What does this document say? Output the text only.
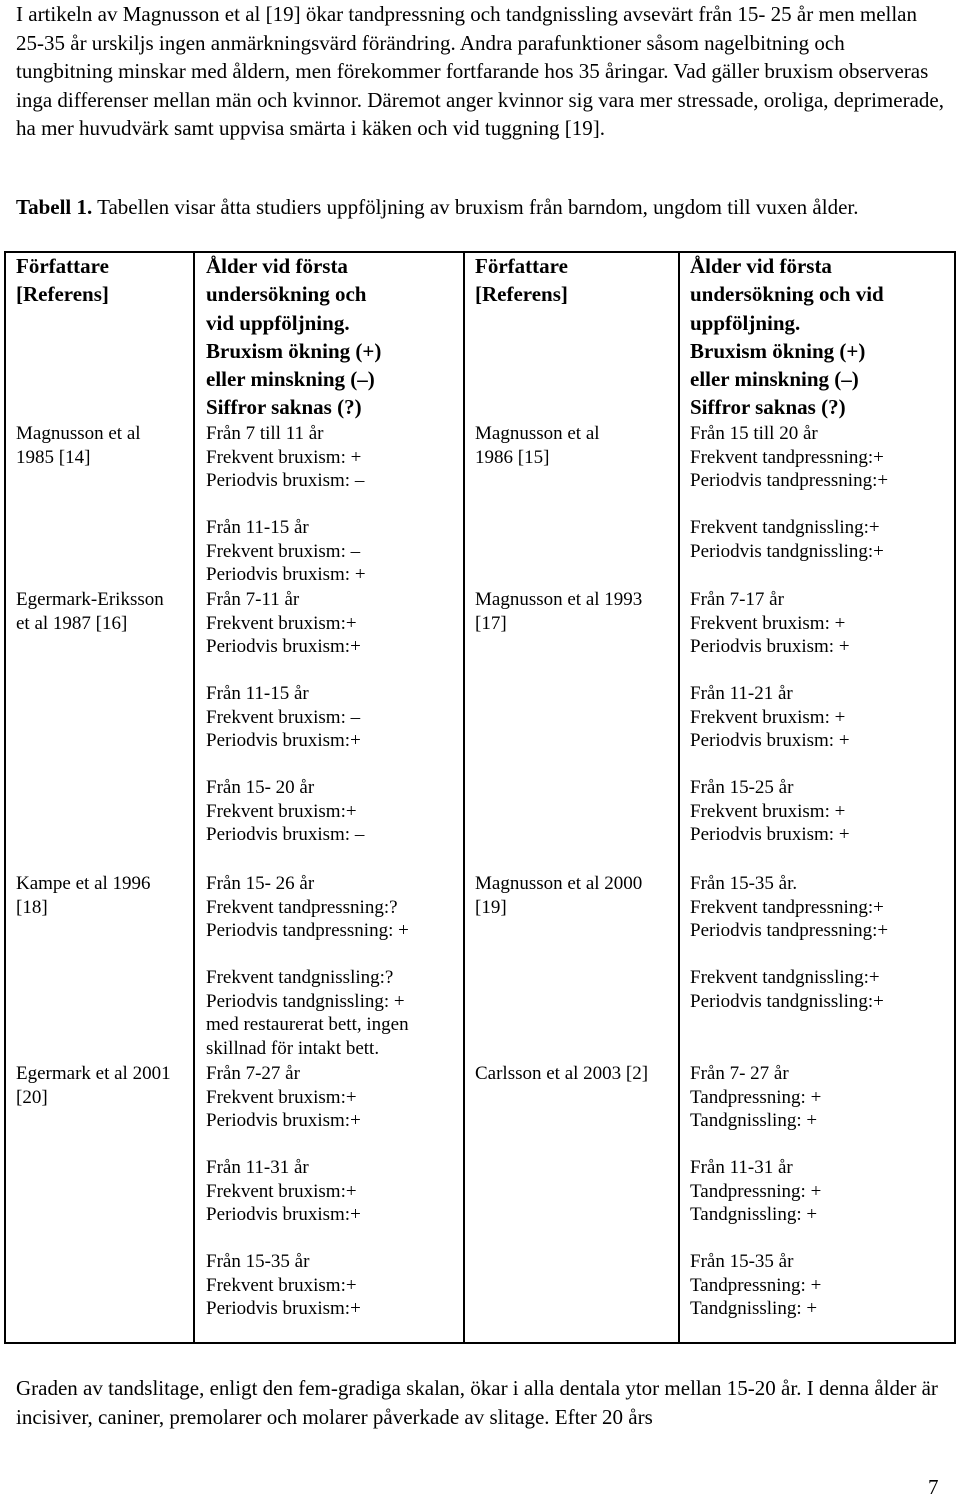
I artikeln av Magnusson et al [19] ökar tandpressning och tandgnissling avsevärt från 15- 25 år men mellan 25-35 år urskiljs ingen anmärkningsvärd förändring. Andra parafunktioner såsom nagelbitning och tungbitning minskar med åldern, men förekommer fortfarande hos 35 åringar. Vad gäller bruxism observeras inga differenser mellan män och kvinnor. Däremot anger kvinnor sig vara mer stressade, oroliga, deprimerade, ha mer huvudvärk samt uppvisa smärta i käken och vid tuggning [19].

Tabell 1. Tabellen visar åtta studiers uppföljning av bruxism från barndom, ungdom till vuxen ålder.

Författare
[Referens]
Ålder vid första
undersökning och
vid uppföljning.
Bruxism ökning (+)
eller minskning (–)
Siffror saknas (?)
Författare
[Referens]
Ålder vid första
undersökning och vid
uppföljning.
Bruxism ökning (+)
eller minskning (–)
Siffror saknas (?)
Magnusson et al
1985 [14]
Egermark-Eriksson
et al 1987 [16]
Kampe et al 1996
[18]
Egermark et al 2001
[20]
Från 7 till 11 år
Frekvent bruxism: +
Periodvis bruxism: –
Från 11-15 år
Frekvent bruxism: –
Periodvis bruxism: +
Från 7-11 år
Frekvent bruxism:+
Periodvis bruxism:+
Från 11-15 år
Frekvent bruxism: –
Periodvis bruxism:+
Från 15- 20 år
Frekvent bruxism:+
Periodvis bruxism: –
Från 15- 26 år
Frekvent tandpressning:?
Periodvis tandpressning: +
Frekvent tandgnissling:?
Periodvis tandgnissling: +
med restaurerat bett, ingen
skillnad för intakt bett.
Från 7-27 år
Frekvent bruxism:+
Periodvis bruxism:+
Från 11-31 år
Frekvent bruxism:+
Periodvis bruxism:+
Från 15-35 år
Frekvent bruxism:+
Periodvis bruxism:+
Magnusson et al
1986 [15]
Magnusson et al 1993
[17]
Magnusson et al 2000
[19]
Carlsson et al 2003 [2]
Från 15 till 20 år
Frekvent tandpressning:+
Periodvis tandpressning:+
Frekvent tandgnissling:+
Periodvis tandgnissling:+
Från 7-17 år
Frekvent bruxism: +
Periodvis bruxism: +
Från 11-21 år
Frekvent bruxism: +
Periodvis bruxism: +
Från 15-25 år
Frekvent bruxism: +
Periodvis bruxism: +
Från 15-35 år.
Frekvent tandpressning:+
Periodvis tandpressning:+
Frekvent tandgnissling:+
Periodvis tandgnissling:+
Från 7- 27 år
Tandpressning: +
Tandgnissling: +
Från 11-31 år
Tandpressning: +
Tandgnissling: +
Från 15-35 år
Tandpressning: +
Tandgnissling: +

Graden av tandslitage, enligt den fem-gradiga skalan, ökar i alla dentala ytor mellan 15-20 år. I denna ålder är incisiver, caniner, premolarer och molarer påverkade av slitage. Efter 20 års

7
